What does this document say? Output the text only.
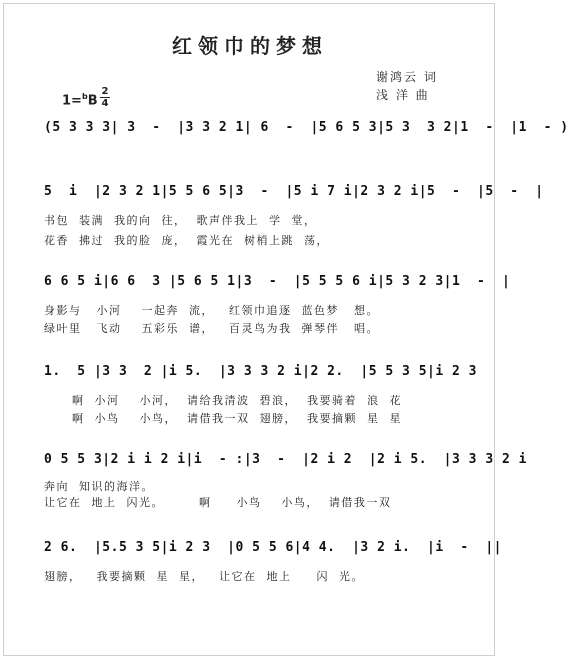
红领巾的梦想
谢鸿云 词
浅 洋 曲
1=$^b$B
2
4
(5 3 3 3| 3  -  |3 3 2 1| 6  -  |5 6 5 3|5 3  3 2|1  -  |1  - )
5  i  |2 3 2 1|5 5 6 5|3  -  |5 i 7 i|2 3 2 i|5  -  |5  -  |
书包  装满  我的向  往，  歌声伴我上  学  堂，
花香  拂过  我的脸  庞，  霞光在  树梢上跳  荡，
6 6 5 i|6 6  3 |5 6 5 1|3  -  |5 5 5 6 i|5 3 2 3|1  -  |
身影与   小河    一起奔  流，   红领巾追逐  蓝色梦   想。
绿叶里   飞动    五彩乐  谱，   百灵鸟为我  弹琴伴   唱。
1.  5 |3 3  2 |i 5.  |3 3 3 2 i|2 2.  |5 5 3 5|i 2 3
啊  小河    小河，  请给我清波  碧浪，  我要骑着  浪  花
啊  小鸟    小鸟，  请借我一双  翅膀，  我要摘颗  星  星
0 5 5 3|2 i i 2 i|i  - :|3  -  |2 i 2  |2 i 5.  |3 3 3 2 i
奔向  知识的海洋。
让它在  地上  闪光。       啊     小鸟    小鸟，  请借我一双
2 6.  |5.5 3 5|i 2 3  |0 5 5 6|4 4.  |3 2 i.  |i  -  ||
翅膀，   我要摘颗  星  星，   让它在  地上     闪  光。
